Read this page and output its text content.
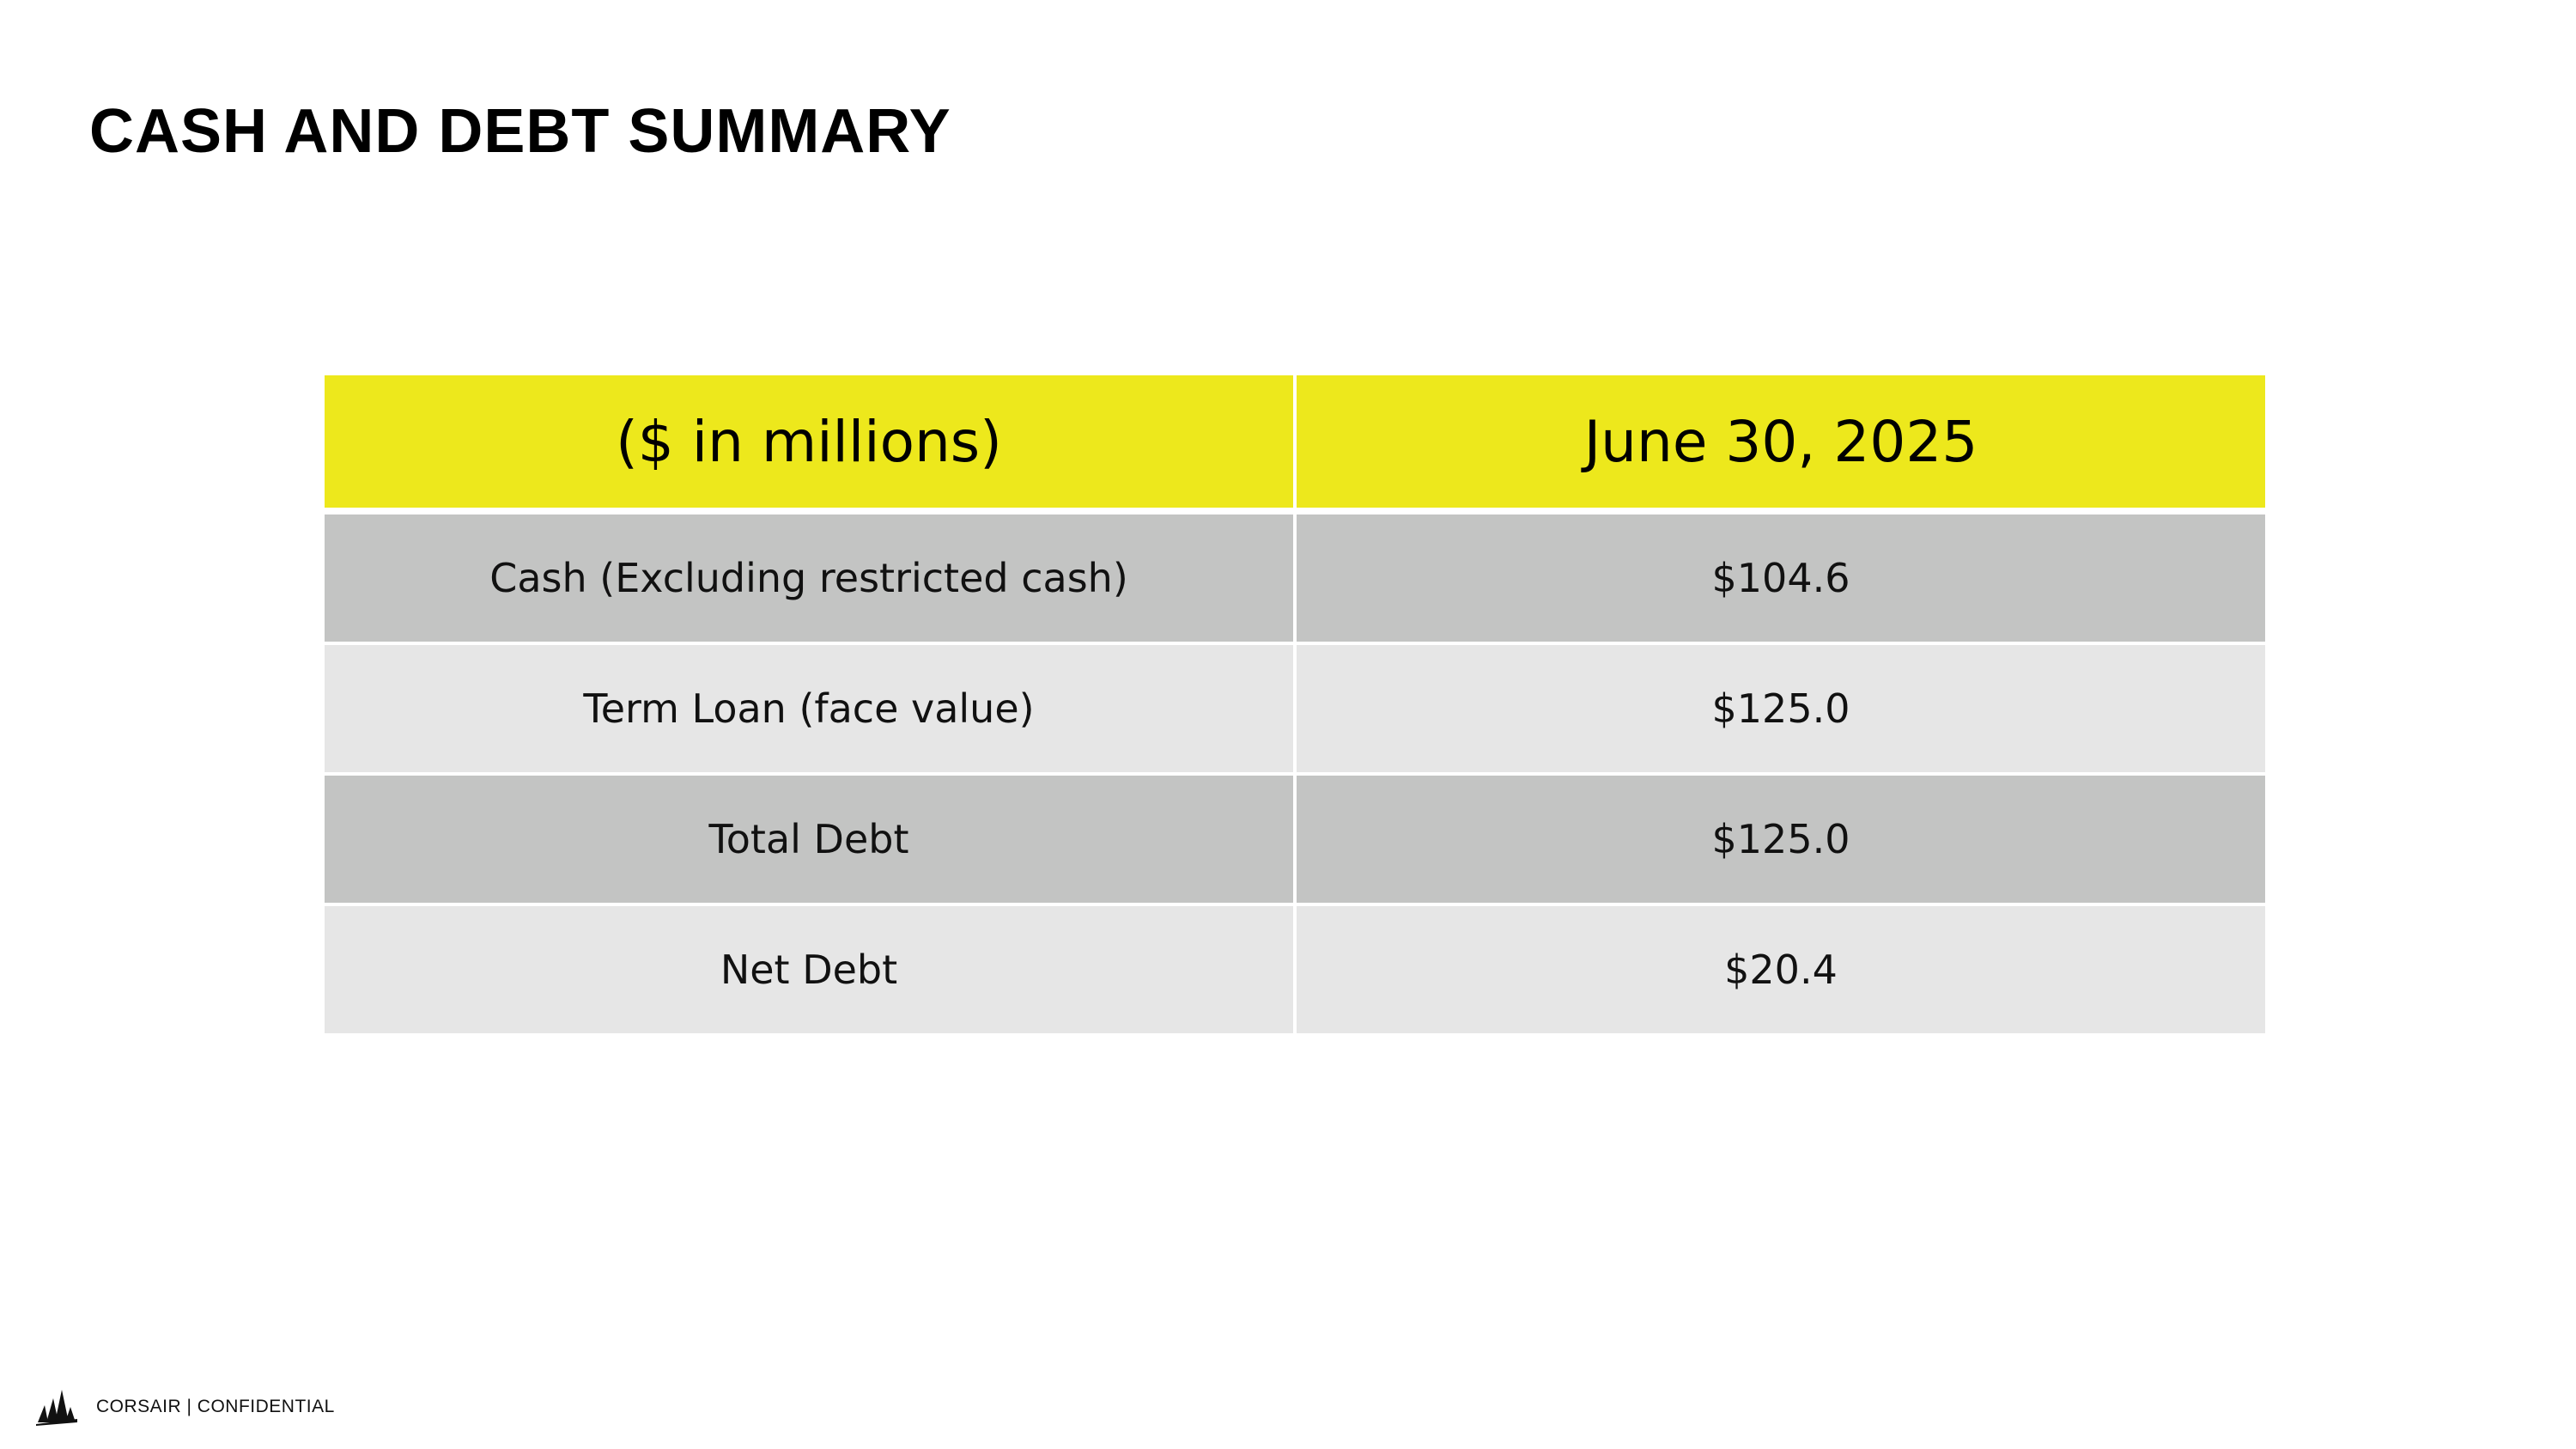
CASH AND DEBT SUMMARY
($ in millions)	June 30, 2025
Cash (Excluding restricted cash)	$104.6
Term Loan (face value)	$125.0
Total Debt	$125.0
Net Debt	$20.4
CORSAIR | CONFIDENTIAL
